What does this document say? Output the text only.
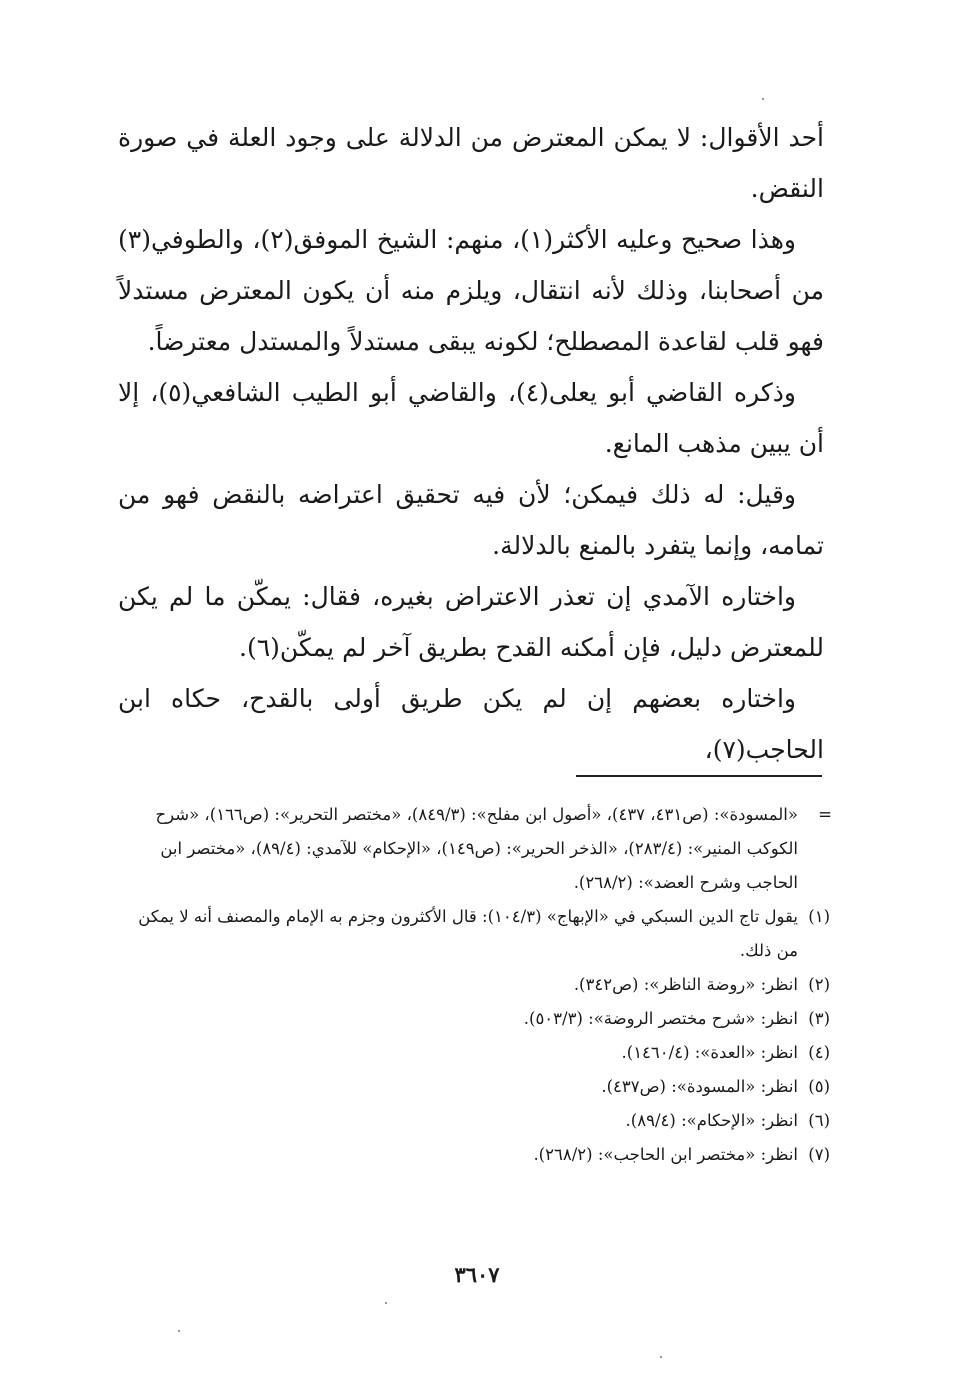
أحد الأقوال: لا يمكن المعترض من الدلالة على وجود العلة في صورة النقض.

وهذا صحيح وعليه الأكثر(١)، منهم: الشيخ الموفق(٢)، والطوفي(٣) من أصحابنا، وذلك لأنه انتقال، ويلزم منه أن يكون المعترض مستدلاً فهو قلب لقاعدة المصطلح؛ لكونه يبقى مستدلاً والمستدل معترضاً.

وذكره القاضي أبو يعلى(٤)، والقاضي أبو الطيب الشافعي(٥)، إلا أن يبين مذهب المانع.

وقيل: له ذلك فيمكن؛ لأن فيه تحقيق اعتراضه بالنقض فهو من تمامه، وإنما يتفرد بالمنع بالدلالة.

واختاره الآمدي إن تعذر الاعتراض بغيره، فقال: يمكّن ما لم يكن للمعترض دليل، فإن أمكنه القدح بطريق آخر لم يمكّن(٦).

واختاره بعضهم إن لم يكن طريق أولى بالقدح، حكاه ابن الحاجب(٧)،

=
«المسودة»: (ص٤٣١، ٤٣٧)، «أصول ابن مفلح»: (٨٤٩/٣)، «مختصر التحرير»: (ص١٦٦)، «شرح الكوكب المنير»: (٢٨٣/٤)، «الذخر الحرير»: (ص١٤٩)، «الإحكام» للآمدي: (٨٩/٤)، «مختصر ابن الحاجب وشرح العضد»: (٢٦٨/٢).

(١)
يقول تاج الدين السبكي في «الإبهاج» (١٠٤/٣): قال الأكثرون وجزم به الإمام والمصنف أنه لا يمكن من ذلك.
(٢)
انظر: «روضة الناظر»: (ص٣٤٢).
(٣)
انظر: «شرح مختصر الروضة»: (٥٠٣/٣).
(٤)
انظر: «العدة»: (١٤٦٠/٤).
(٥)
انظر: «المسودة»: (ص٤٣٧).
(٦)
انظر: «الإحكام»: (٨٩/٤).
(٧)
انظر: «مختصر ابن الحاجب»: (٢٦٨/٢).
٣٦٠٧
